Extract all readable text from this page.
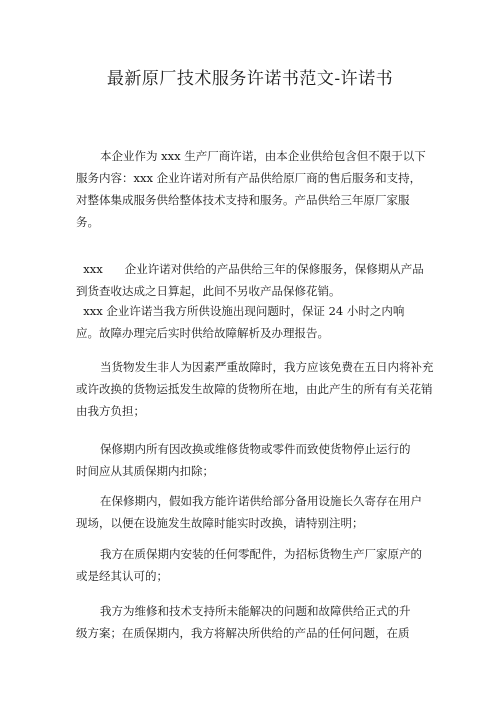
最新原厂技术服务许诺书范文-许诺书
本企业作为 xxx 生产厂商许诺，由本企业供给包含但不限于以下
服务内容：xxx 企业许诺对所有产品供给原厂商的售后服务和支持，
对整体集成服务供给整体技术支持和服务。产品供给三年原厂家服
务。
xxx      企业许诺对供给的产品供给三年的保修服务，保修期从产品
到货查收达成之日算起，此间不另收产品保修花销。
xxx 企业许诺当我方所供设施出现问题时，保证 24 小时之内响
应。故障办理完后实时供给故障解析及办理报告。
当货物发生非人为因素严重故障时，我方应该免费在五日内将补充
或许改换的货物运抵发生故障的货物所在地，由此产生的所有有关花销
由我方负担；
保修期内所有因改换或维修货物或零件而致使货物停止运行的
时间应从其质保期内扣除；
在保修期内，假如我方能许诺供给部分备用设施长久寄存在用户
现场，以便在设施发生故障时能实时改换，请特别注明；
我方在质保期内安装的任何零配件，为招标货物生产厂家原产的
或是经其认可的；
我方为维修和技术支持所未能解决的问题和故障供给正式的升
级方案；在质保期内，我方将解决所供给的产品的任何问题，在质
